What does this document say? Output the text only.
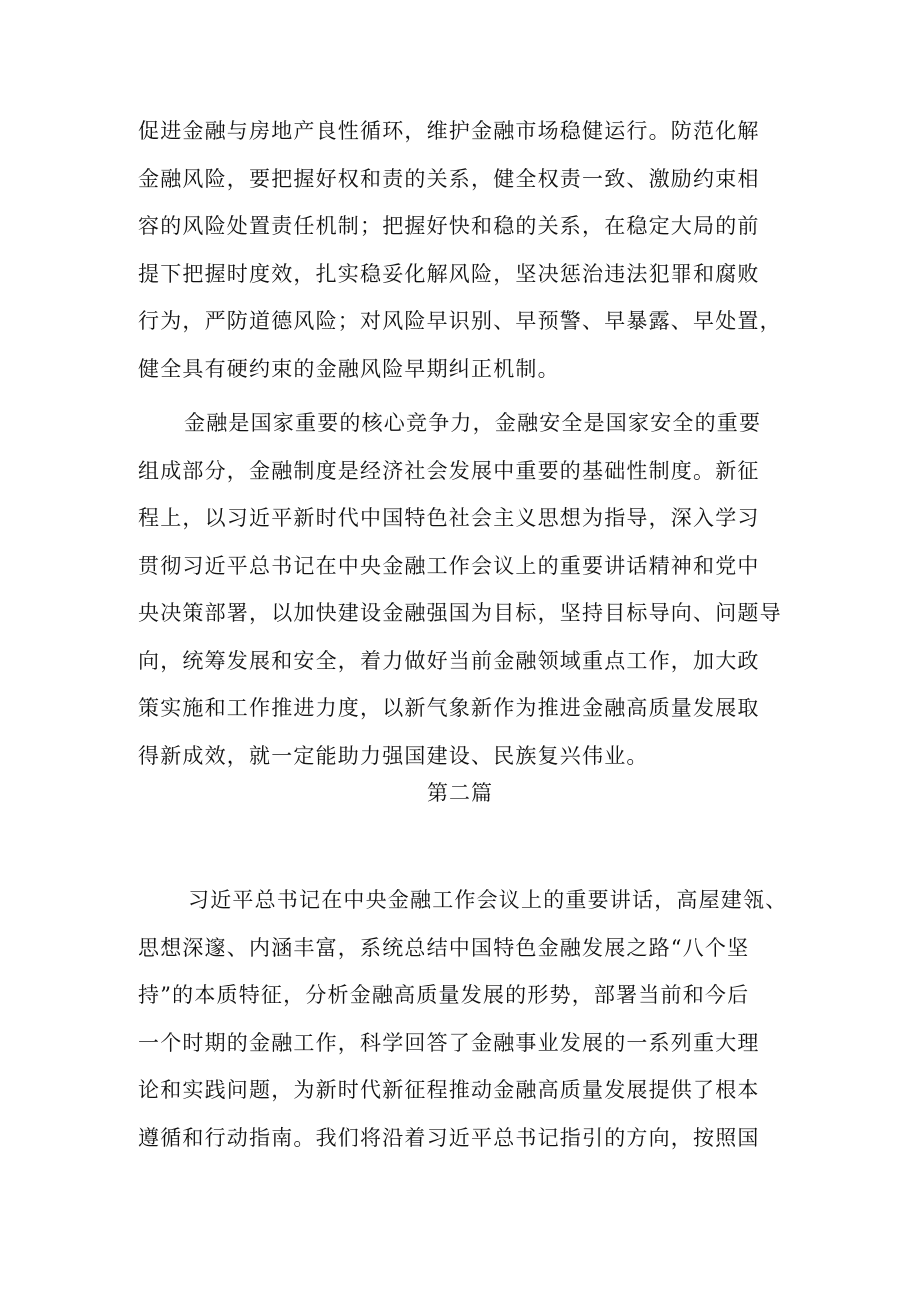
促进金融与房地产良性循环，维护金融市场稳健运行。防范化解
金融风险，要把握好权和责的关系，健全权责一致、激励约束相
容的风险处置责任机制；把握好快和稳的关系，在稳定大局的前
提下把握时度效，扎实稳妥化解风险，坚决惩治违法犯罪和腐败
行为，严防道德风险；对风险早识别、早预警、早暴露、早处置，
健全具有硬约束的金融风险早期纠正机制。
金融是国家重要的核心竞争力，金融安全是国家安全的重要
组成部分，金融制度是经济社会发展中重要的基础性制度。新征
程上，以习近平新时代中国特色社会主义思想为指导，深入学习
贯彻习近平总书记在中央金融工作会议上的重要讲话精神和党中
央决策部署，以加快建设金融强国为目标，坚持目标导向、问题导
向，统筹发展和安全，着力做好当前金融领域重点工作，加大政
策实施和工作推进力度，以新气象新作为推进金融高质量发展取
得新成效，就一定能助力强国建设、民族复兴伟业。
第二篇
习近平总书记在中央金融工作会议上的重要讲话，高屋建瓴、
思想深邃、内涵丰富，系统总结中国特色金融发展之路“八个坚
持”的本质特征，分析金融高质量发展的形势，部署当前和今后
一个时期的金融工作，科学回答了金融事业发展的一系列重大理
论和实践问题，为新时代新征程推动金融高质量发展提供了根本
遵循和行动指南。我们将沿着习近平总书记指引的方向，按照国
